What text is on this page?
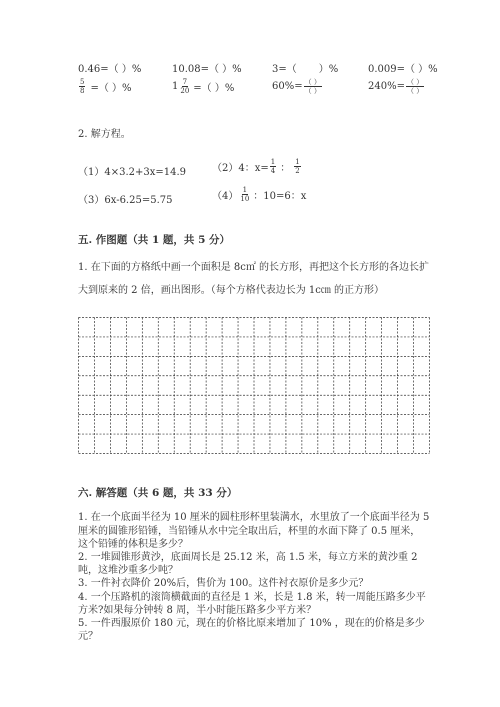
0.46=（ ）%	10.08=（ ）%	3=（ ）%	0.009=（ ）%
$\frac{5}{8}$ =（ ）%	$1 \frac{7}{20}$ =（ ）%	$60\%= \frac{( )}{( )}$	$240\%= \frac{( )}{( )}$
2. 解方程。
（1）4×3.2+3x=14.9	（2）4：$x= \frac{1}{4}$ ： $\frac{1}{2}$
（3）6x-6.25=5.75	$(4) \frac{1}{10}$ ：10=6：x
五. 作图题（共 1 题，共 5 分）
1. 在下面的方格纸中画一个面积是 8c㎡ 的长方形，再把这个长方形的各边长扩
大到原来的 2 倍，画出图形。（每个方格代表边长为 1c㎝ 的正方形）
六. 解答题（共 6 题，共 33 分）
1. 在一个底面半径为 10 厘米的圆柱形杯里装满水，水里放了一个底面半径为 5
厘米的圆锥形铅锤，当铅锤从水中完全取出后，杯里的水面下降了 0.5 厘米，
这个铅锤的体积是多少？
2. 一堆圆锥形黄沙，底面周长是 25.12 米，高 1.5 米，每立方米的黄沙重 2
吨，这堆沙重多少吨？
3. 一件衬衣降价 20%后，售价为 100。这件衬衣原价是多少元？
4. 一个压路机的滚筒横截面的直径是 1 米，长是 1.8 米，转一周能压路多少平
方米?如果每分钟转 8 周，半小时能压路多少平方米？
5. 一件西服原价 180 元，现在的价格比原来增加了 10% ，现在的价格是多少
元？
